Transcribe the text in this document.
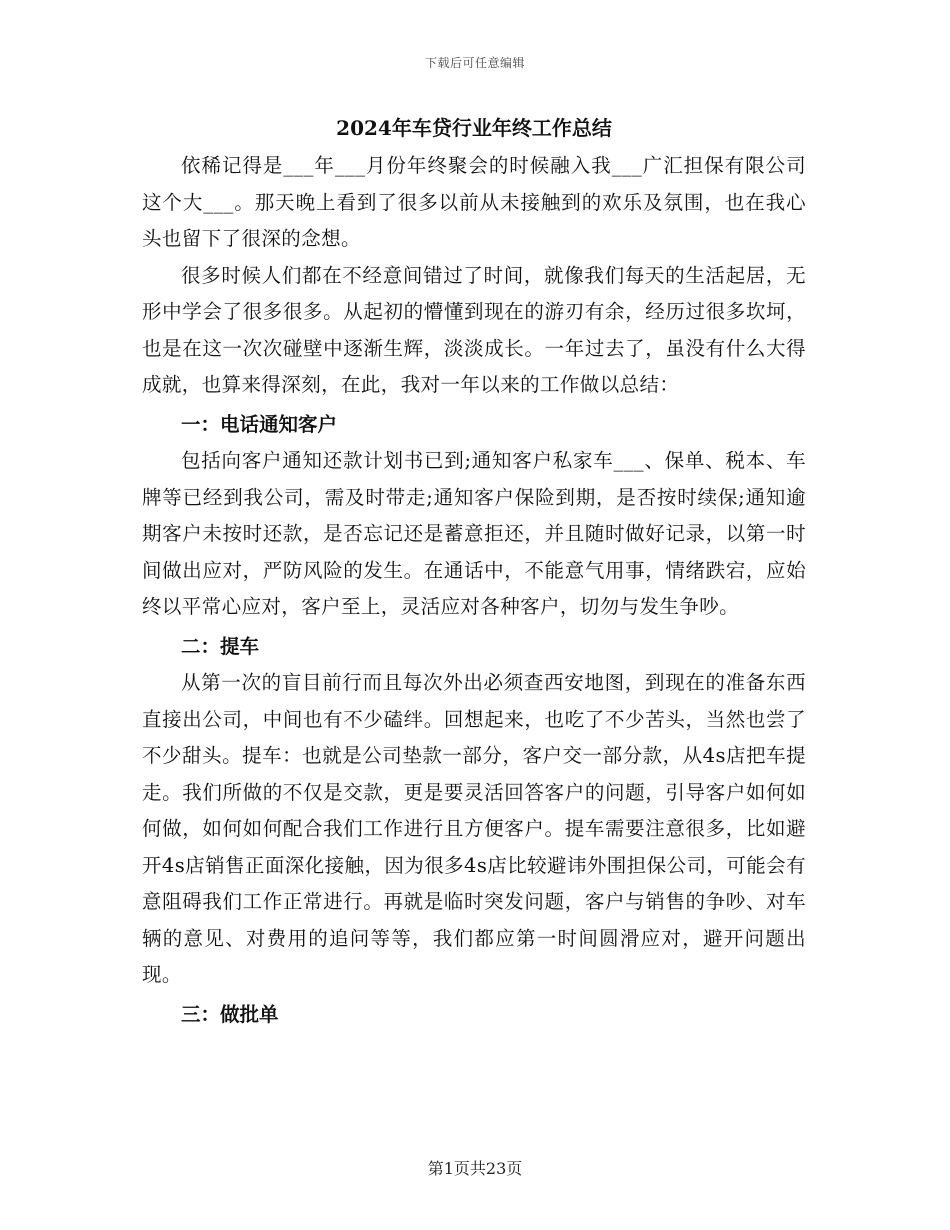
下载后可任意编辑
2024年车贷行业年终工作总结

依稀记得是___年___月份年终聚会的时候融入我___广汇担保有限公司这个大___。那天晚上看到了很多以前从未接触到的欢乐及氛围，也在我心头也留下了很深的念想。

很多时候人们都在不经意间错过了时间，就像我们每天的生活起居，无形中学会了很多很多。从起初的懵懂到现在的游刃有余，经历过很多坎坷，也是在这一次次碰壁中逐渐生辉，淡淡成长。一年过去了，虽没有什么大得成就，也算来得深刻，在此，我对一年以来的工作做以总结：

一：电话通知客户

包括向客户通知还款计划书已到;通知客户私家车___、保单、税本、车牌等已经到我公司，需及时带走;通知客户保险到期，是否按时续保;通知逾期客户未按时还款，是否忘记还是蓄意拒还，并且随时做好记录，以第一时间做出应对，严防风险的发生。在通话中，不能意气用事，情绪跌宕，应始终以平常心应对，客户至上，灵活应对各种客户，切勿与发生争吵。

二：提车

从第一次的盲目前行而且每次外出必须查西安地图，到现在的准备东西直接出公司，中间也有不少磕绊。回想起来，也吃了不少苦头，当然也尝了不少甜头。提车：也就是公司垫款一部分，客户交一部分款，从4s店把车提走。我们所做的不仅是交款，更是要灵活回答客户的问题，引导客户如何如何做，如何如何配合我们工作进行且方便客户。提车需要注意很多，比如避开4s店销售正面深化接触，因为很多4s店比较避讳外围担保公司，可能会有意阻碍我们工作正常进行。再就是临时突发问题，客户与销售的争吵、对车辆的意见、对费用的追问等等，我们都应第一时间圆滑应对，避开问题出现。

三：做批单
第1页共23页
